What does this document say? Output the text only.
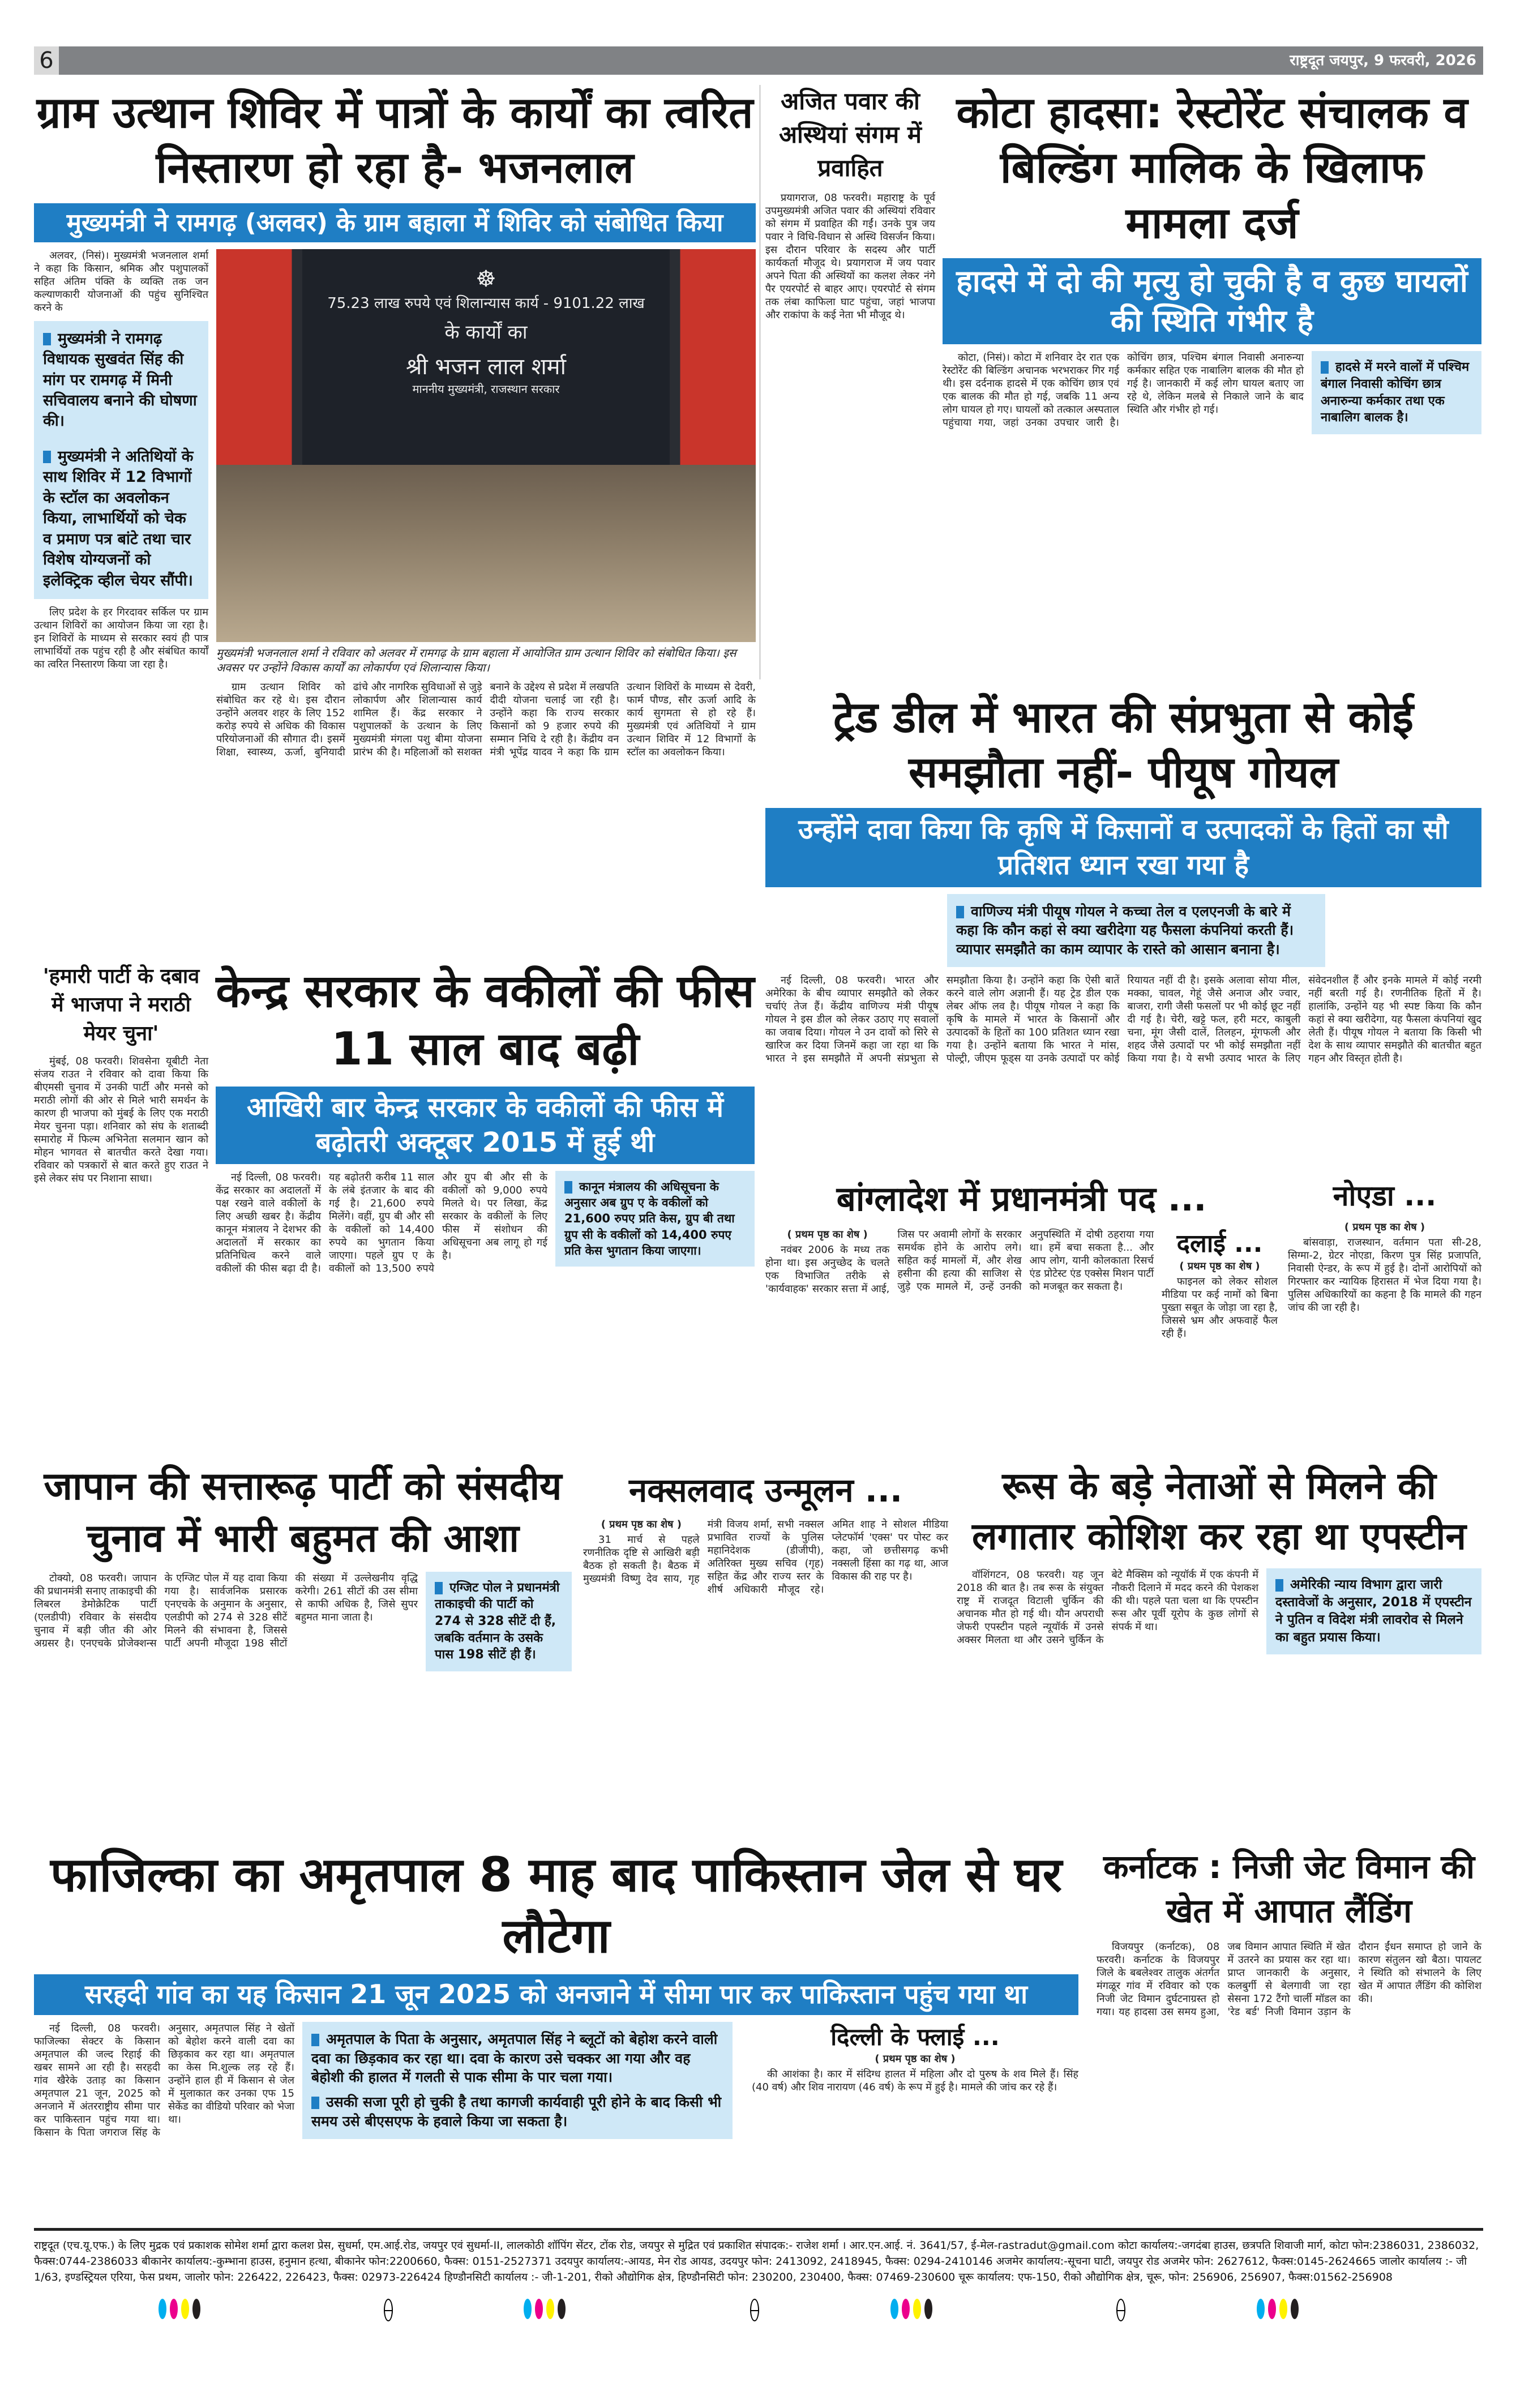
6	राष्ट्रदूत जयपुर, 9 फरवरी, 2026
ग्राम उत्थान शिविर में पात्रों के कार्यों का त्वरित निस्तारण हो रहा है- भजनलाल
मुख्यमंत्री ने रामगढ़ (अलवर) के ग्राम बहाला में शिविर को संबोधित किया

अलवर, (निसं)। मुख्यमंत्री भजनलाल शर्मा ने कहा कि किसान, श्रमिक और पशुपालकों सहित अंतिम पंक्ति के व्यक्ति तक जन कल्याणकारी योजनाओं की पहुंच सुनिश्चित करने के

मुख्यमंत्री ने रामगढ़ विधायक सुखवंत सिंह की मांग पर रामगढ़ में मिनी सचिवालय बनाने की घोषणा की।

मुख्यमंत्री ने अतिथियों के साथ शिविर में 12 विभागों के स्टॉल का अवलोकन किया, लाभार्थियों को चेक व प्रमाण पत्र बांटे तथा चार विशेष योग्यजनों को इलेक्ट्रिक व्हील चेयर सौंपी।

लिए प्रदेश के हर गिरदावर सर्किल पर ग्राम उत्थान शिविरों का आयोजन किया जा रहा है। इन शिविरों के माध्यम से सरकार स्वयं ही पात्र लाभार्थियों तक पहुंच रही है और संबंधित कार्यों का त्वरित निस्तारण किया जा रहा है।

☸
75.23 लाख रुपये एवं शिलान्यास कार्य - 9101.22 लाख
के कार्यों का
श्री भजन लाल शर्मा
माननीय मुख्यमंत्री, राजस्थान सरकार
मुख्यमंत्री भजनलाल शर्मा ने रविवार को अलवर में रामगढ़ के ग्राम बहाला में आयोजित ग्राम उत्थान शिविर को संबोधित किया। इस अवसर पर उन्होंने विकास कार्यों का लोकार्पण एवं शिलान्यास किया।

ग्राम उत्थान शिविर को संबोधित कर रहे थे। इस दौरान उन्होंने अलवर शहर के लिए 152 करोड़ रुपये से अधिक की विकास परियोजनाओं की सौगात दी। इसमें शिक्षा, स्वास्थ्य, ऊर्जा, बुनियादी ढांचे और नागरिक सुविधाओं से जुड़े लोकार्पण और शिलान्यास कार्य शामिल हैं। केंद्र सरकार ने पशुपालकों के उत्थान के लिए मुख्यमंत्री मंगला पशु बीमा योजना प्रारंभ की है। महिलाओं को सशक्त बनाने के उद्देश्य से प्रदेश में लखपति दीदी योजना चलाई जा रही है। उन्होंने कहा कि राज्य सरकार किसानों को 9 हजार रुपये की सम्मान निधि दे रही है। केंद्रीय वन मंत्री भूपेंद्र यादव ने कहा कि ग्राम उत्थान शिविरों के माध्यम से देवरी, फार्म पौण्ड, सौर ऊर्जा आदि के कार्य सुगमता से हो रहे हैं। मुख्यमंत्री एवं अतिथियों ने ग्राम उत्थान शिविर में 12 विभागों के स्टॉल का अवलोकन किया।

अजित पवार की अस्थियां संगम में प्रवाहित

प्रयागराज, 08 फरवरी। महाराष्ट्र के पूर्व उपमुख्यमंत्री अजित पवार की अस्थियां रविवार को संगम में प्रवाहित की गईं। उनके पुत्र जय पवार ने विधि-विधान से अस्थि विसर्जन किया। इस दौरान परिवार के सदस्य और पार्टी कार्यकर्ता मौजूद थे। प्रयागराज में जय पवार अपने पिता की अस्थियों का कलश लेकर नंगे पैर एयरपोर्ट से बाहर आए। एयरपोर्ट से संगम तक लंबा काफिला घाट पहुंचा, जहां भाजपा और राकांपा के कई नेता भी मौजूद थे।

कोटा हादसा: रेस्टोरेंट संचालक व बिल्डिंग मालिक के खिलाफ मामला दर्ज
हादसे में दो की मृत्यु हो चुकी है व कुछ घायलों की स्थिति गंभीर है

कोटा, (निसं)। कोटा में शनिवार देर रात एक रेस्टोरेंट की बिल्डिंग अचानक भरभराकर गिर गई थी। इस दर्दनाक हादसे में एक कोचिंग छात्र एवं एक बालक की मौत हो गई, जबकि 11 अन्य लोग घायल हो गए। घायलों को तत्काल अस्पताल पहुंचाया गया, जहां उनका उपचार जारी है। कोचिंग छात्र, पश्चिम बंगाल निवासी अनारुन्या कर्मकार सहित एक नाबालिग बालक की मौत हो गई है। जानकारी में कई लोग घायल बताए जा रहे थे, लेकिन मलबे से निकाले जाने के बाद स्थिति और गंभीर हो गई।

हादसे में मरने वालों में पश्चिम बंगाल निवासी कोचिंग छात्र अनारुन्या कर्मकार तथा एक नाबालिग बालक है।
ट्रेड डील में भारत की संप्रभुता से कोई समझौता नहीं- पीयूष गोयल
उन्होंने दावा किया कि कृषि में किसानों व उत्पादकों के हितों का सौ प्रतिशत ध्यान रखा गया है
वाणिज्य मंत्री पीयूष गोयल ने कच्चा तेल व एलएनजी के बारे में कहा कि कौन कहां से क्या खरीदेगा यह फैसला कंपनियां करती हैं। व्यापार समझौते का काम व्यापार के रास्ते को आसान बनाना है।

नई दिल्ली, 08 फरवरी। भारत और अमेरिका के बीच व्यापार समझौते को लेकर चर्चाएं तेज हैं। केंद्रीय वाणिज्य मंत्री पीयूष गोयल ने इस डील को लेकर उठाए गए सवालों का जवाब दिया। गोयल ने उन दावों को सिरे से खारिज कर दिया जिनमें कहा जा रहा था कि भारत ने इस समझौते में अपनी संप्रभुता से समझौता किया है। उन्होंने कहा कि ऐसी बातें करने वाले लोग अज्ञानी हैं। यह ट्रेड डील एक लेबर ऑफ लव है। पीयूष गोयल ने कहा कि कृषि के मामले में भारत के किसानों और उत्पादकों के हितों का 100 प्रतिशत ध्यान रखा गया है। उन्होंने बताया कि भारत ने मांस, पोल्ट्री, जीएम फूड्स या उनके उत्पादों पर कोई रियायत नहीं दी है। इसके अलावा सोया मील, मक्का, चावल, गेहूं जैसे अनाज और ज्वार, बाजरा, रागी जैसी फसलों पर भी कोई छूट नहीं दी गई है। चेरी, खट्टे फल, हरी मटर, काबुली चना, मूंग जैसी दालें, तिलहन, मूंगफली और शहद जैसे उत्पादों पर भी कोई समझौता नहीं किया गया है। ये सभी उत्पाद भारत के लिए संवेदनशील हैं और इनके मामले में कोई नरमी नहीं बरती गई है। रणनीतिक हितों में है। हालांकि, उन्होंने यह भी स्पष्ट किया कि कौन कहां से क्या खरीदेगा, यह फैसला कंपनियां खुद लेती हैं। पीयूष गोयल ने बताया कि किसी भी देश के साथ व्यापार समझौते की बातचीत बहुत गहन और विस्तृत होती है।

'हमारी पार्टी के दबाव में भाजपा ने मराठी मेयर चुना'

मुंबई, 08 फरवरी। शिवसेना यूबीटी नेता संजय राउत ने रविवार को दावा किया कि बीएमसी चुनाव में उनकी पार्टी और मनसे को मराठी लोगों की ओर से मिले भारी समर्थन के कारण ही भाजपा को मुंबई के लिए एक मराठी मेयर चुनना पड़ा। शनिवार को संघ के शताब्दी समारोह में फिल्म अभिनेता सलमान खान को मोहन भागवत से बातचीत करते देखा गया। रविवार को पत्रकारों से बात करते हुए राउत ने इसे लेकर संघ पर निशाना साधा।

केन्द्र सरकार के वकीलों की फीस 11 साल बाद बढ़ी
आखिरी बार केन्द्र सरकार के वकीलों की फीस में बढ़ोतरी अक्टूबर 2015 में हुई थी

नई दिल्ली, 08 फरवरी। केंद्र सरकार का अदालतों में पक्ष रखने वाले वकीलों के लिए अच्छी खबर है। केंद्रीय कानून मंत्रालय ने देशभर की अदालतों में सरकार का प्रतिनिधित्व करने वाले वकीलों की फीस बढ़ा दी है। यह बढ़ोतरी करीब 11 साल के लंबे इंतजार के बाद की गई है। 21,600 रुपये मिलेंगे। वहीं, ग्रुप बी और सी के वकीलों को 14,400 रुपये का भुगतान किया जाएगा। पहले ग्रुप ए के वकीलों को 13,500 रुपये और ग्रुप बी और सी के वकीलों को 9,000 रुपये मिलते थे। पर लिखा, केंद्र सरकार के वकीलों के लिए फीस में संशोधन की अधिसूचना अब लागू हो गई है।

कानून मंत्रालय की अधिसूचना के अनुसार अब ग्रुप ए के वकीलों को 21,600 रुपए प्रति केस, ग्रुप बी तथा ग्रुप सी के वकीलों को 14,400 रुपए प्रति केस भुगतान किया जाएगा।
बांग्लादेश में प्रधानमंत्री पद ...
( प्रथम पृष्ठ का शेष )

नवंबर 2006 के मध्य तक होना था। इस अनुच्छेद के चलते एक विभाजित तरीके से 'कार्यवाहक' सरकार सत्ता में आई, जिस पर अवामी लोगों के सरकार समर्थक होने के आरोप लगे। सहित कई मामलों में, और शेख हसीना की हत्या की साजिश से जुड़े एक मामले में, उन्हें उनकी अनुपस्थिति में दोषी ठहराया गया था। हमें बचा सकता है... और आप लोग, यानी कोलकाता रिसर्च एंड प्रोटेस्ट एंड एक्सेस मिशन पार्टी को मजबूत कर सकता है।

दलाई ...
( प्रथम पृष्ठ का शेष )

फाइनल को लेकर सोशल मीडिया पर कई नामों को बिना पुख्ता सबूत के जोड़ा जा रहा है, जिससे भ्रम और अफवाहें फैल रही हैं।

नोएडा ...
( प्रथम पृष्ठ का शेष )

बांसवाड़ा, राजस्थान, वर्तमान पता सी-28, सिग्मा-2, ग्रेटर नोएडा, किरण पुत्र सिंह प्रजापति, निवासी ऐन्डर, के रूप में हुई है। दोनों आरोपियों को गिरफ्तार कर न्यायिक हिरासत में भेज दिया गया है। पुलिस अधिकारियों का कहना है कि मामले की गहन जांच की जा रही है।

जापान की सत्तारूढ़ पार्टी को संसदीय चुनाव में भारी बहुमत की आशा

टोक्यो, 08 फरवरी। जापान की प्रधानमंत्री सनाए ताकाइची की लिबरल डेमोक्रेटिक पार्टी (एलडीपी) रविवार के संसदीय चुनाव में बड़ी जीत की ओर अग्रसर है। एनएचके प्रोजेक्शन्स के एग्जिट पोल में यह दावा किया गया है। सार्वजनिक प्रसारक एनएचके के अनुमान के अनुसार, एलडीपी को 274 से 328 सीटें मिलने की संभावना है, जिससे पार्टी अपनी मौजूदा 198 सीटों की संख्या में उल्लेखनीय वृद्धि करेगी। 261 सीटों की उस सीमा से काफी अधिक है, जिसे सुपर बहुमत माना जाता है।

एग्जिट पोल ने प्रधानमंत्री ताकाइची की पार्टी को 274 से 328 सीटें दी हैं, जबकि वर्तमान के उसके पास 198 सीटें ही हैं।
नक्सलवाद उन्मूलन ...
( प्रथम पृष्ठ का शेष )

31 मार्च से पहले रणनीतिक दृष्टि से आखिरी बड़ी बैठक हो सकती है। बैठक में मुख्यमंत्री विष्णु देव साय, गृह मंत्री विजय शर्मा, सभी नक्सल प्रभावित राज्यों के पुलिस महानिदेशक (डीजीपी), अतिरिक्त मुख्य सचिव (गृह) सहित केंद्र और राज्य स्तर के शीर्ष अधिकारी मौजूद रहे। अमित शाह ने सोशल मीडिया प्लेटफॉर्म 'एक्स' पर पोस्ट कर कहा, जो छत्तीसगढ़ कभी नक्सली हिंसा का गढ़ था, आज विकास की राह पर है।

रूस के बड़े नेताओं से मिलने की लगातार कोशिश कर रहा था एपस्टीन

वॉशिंगटन, 08 फरवरी। यह जून 2018 की बात है। तब रूस के संयुक्त राष्ट्र में राजदूत विटाली चुर्किन की अचानक मौत हो गई थी। यौन अपराधी जेफरी एपस्टीन पहले न्यूयॉर्क में उनसे अक्सर मिलता था और उसने चुर्किन के बेटे मैक्सिम को न्यूयॉर्क में एक कंपनी में नौकरी दिलाने में मदद करने की पेशकश की थी। पहले पता चला था कि एपस्टीन रूस और पूर्वी यूरोप के कुछ लोगों से संपर्क में था।

अमेरिकी न्याय विभाग द्वारा जारी दस्तावेजों के अनुसार, 2018 में एपस्टीन ने पुतिन व विदेश मंत्री लावरोव से मिलने का बहुत प्रयास किया।
फाजिल्का का अमृतपाल 8 माह बाद पाकिस्तान जेल से घर लौटेगा
सरहदी गांव का यह किसान 21 जून 2025 को अनजाने में सीमा पार कर पाकिस्तान पहुंच गया था

नई दिल्ली, 08 फरवरी। फाजिल्का सेक्टर के किसान अमृतपाल की जल्द रिहाई की खबर सामने आ रही है। सरहदी गांव खैरेके उताड़ का किसान अमृतपाल 21 जून, 2025 को अनजाने में अंतरराष्ट्रीय सीमा पार कर पाकिस्तान पहुंच गया था। किसान के पिता जगराज सिंह के अनुसार, अमृतपाल सिंह ने खेतों को बेहोश करने वाली दवा का छिड़काव कर रहा था। अमृतपाल का केस मि.शुल्क लड़ रहे हैं। उन्होंने हाल ही में किसान से जेल में मुलाकात कर उनका एफ 15 सेकेंड का वीडियो परिवार को भेजा था।

अमृतपाल के पिता के अनुसार, अमृतपाल सिंह ने ब्लूटों को बेहोश करने वाली दवा का छिड़काव कर रहा था। दवा के कारण उसे चक्कर आ गया और वह बेहोशी की हालत में गलती से पाक सीमा के पार चला गया।

उसकी सजा पूरी हो चुकी है तथा कागजी कार्यवाही पूरी होने के बाद किसी भी समय उसे बीएसएफ के हवाले किया जा सकता है।

दिल्ली के फ्लाई ...
( प्रथम पृष्ठ का शेष )

की आशंका है। कार में संदिग्ध हालत में महिला और दो पुरुष के शव मिले हैं। सिंह (40 वर्ष) और शिव नारायण (46 वर्ष) के रूप में हुई है। मामले की जांच कर रहे हैं।

कर्नाटक : निजी जेट विमान की खेत में आपात लैंडिंग

विजयपुर (कर्नाटक), 08 फरवरी। कर्नाटक के विजयपुर जिले के बबलेश्वर तालुक अंतर्गत मंगळूर गांव में रविवार को एक निजी जेट विमान दुर्घटनाग्रस्त हो गया। यह हादसा उस समय हुआ, जब विमान आपात स्थिति में खेत में उतरने का प्रयास कर रहा था। प्राप्त जानकारी के अनुसार, कलबुर्गी से बेलगावी जा रहा सेसना 172 टैंगो चार्ली मॉडल का 'रेड बर्ड' निजी विमान उड़ान के दौरान ईंधन समाप्त हो जाने के कारण संतुलन खो बैठा। पायलट ने स्थिति को संभालने के लिए खेत में आपात लैंडिंग की कोशिश की।

राष्ट्रदूत (एच.यू.एफ.) के लिए मुद्रक एवं प्रकाशक सोमेश शर्मा द्वारा कलश प्रेस, सुधर्मा, एम.आई.रोड, जयपुर एवं सुधर्मा-II, लालकोठी शॉपिंग सेंटर, टोंक रोड, जयपुर से मुद्रित एवं प्रकाशित संपादक:- राजेश शर्मा । आर.एन.आई. नं. 3641/57, ई-मेल-rastradut@gmail.com कोटा कार्यालय:-जगदंबा हाउस, छत्रपति शिवाजी मार्ग, कोटा फोन:2386031, 2386032, फैक्स:0744-2386033 बीकानेर कार्यालय:-कुम्भाना हाउस, हनुमान हत्था, बीकानेर फोन:2200660, फैक्स: 0151-2527371 उदयपुर कार्यालय:-आयड, मेन रोड आयड, उदयपुर फोन: 2413092, 2418945, फैक्स: 0294-2410146 अजमेर कार्यालय:-सूचना घाटी, जयपुर रोड अजमेर फोन: 2627612, फैक्स:0145-2624665 जालोर कार्यालय :- जी 1/63, इण्डस्ट्रियल एरिया, फेस प्रथम, जालोर फोन: 226422, 226423, फैक्स: 02973-226424 हिण्डौनसिटी कार्यालय :- जी-1-201, रीको औद्योगिक क्षेत्र, हिण्डौनसिटी फोन: 230200, 230400, फैक्स: 07469-230600 चूरू कार्यालय: एफ-150, रीको औद्योगिक क्षेत्र, चूरू, फोन: 256906, 256907, फैक्स:01562-256908
